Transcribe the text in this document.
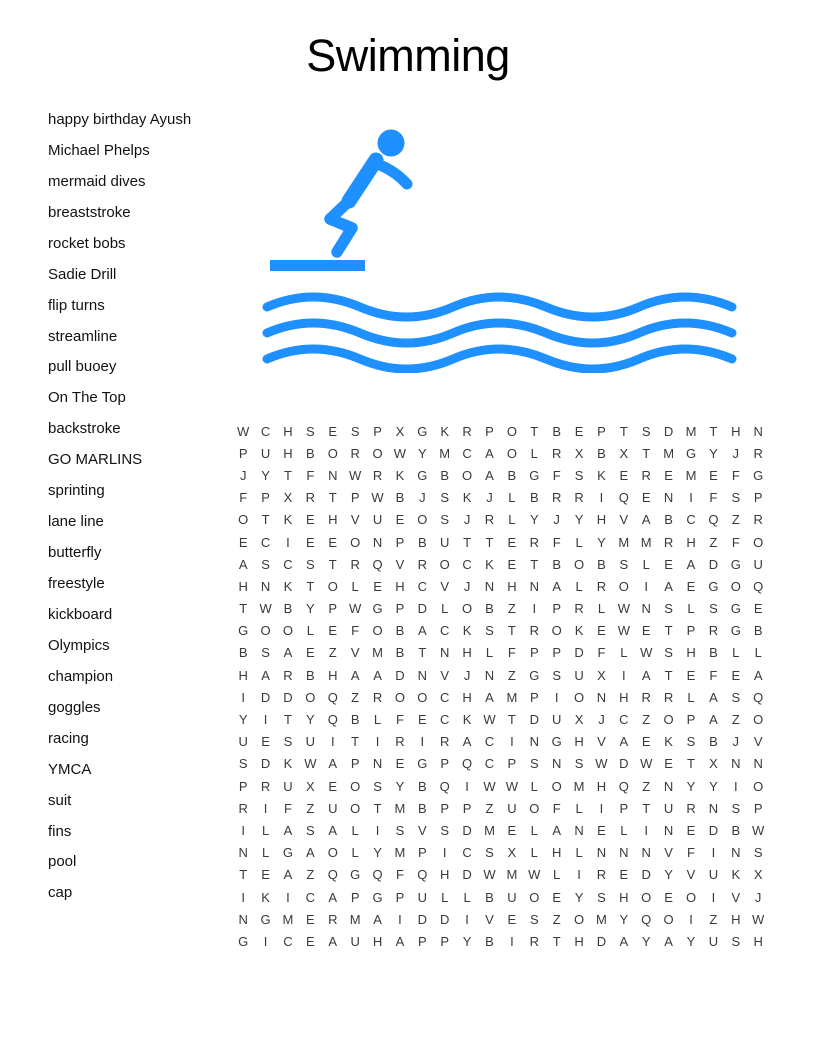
Swimming
happy birthday Ayush
Michael Phelps
mermaid dives
breaststroke
rocket bobs
Sadie Drill
flip turns
streamline
pull buoey
On The Top
backstroke
GO MARLINS
sprinting
lane line
butterfly
freestyle
kickboard
Olympics
champion
goggles
racing
YMCA
suit
fins
pool
cap
W C	H	S	E	S	P	X G	K	R	P O	T	B	E	P	T	S	D M	T	H	N
P	U	H	B O R O W Y M C	A O	L	R	X	B	X	T M G	Y	J	R
J	Y	T	F	N W R	K G	B O	A	B G	F	S	K	E	R	E M E	F	G
F	P	X	R	T	P W B	J	S	K	J	L	B	R	R	I	Q	E	N	I	F	S	P
O	T	K	E	H	V	U	E O	S	J	R	L	Y	J	Y	H	V	A	B	C Q	Z	R
E	C	I	E	E O N	P	B	U	T	T	E	R	F	L	Y M M R	H	Z	F	O
A	S	C	S	T	R Q	V	R O C	K	E	T	B O	B	S	L	E	A	D G U
H	N	K	T	O	L	E	H	C	V	J	N	H	N	A	L	R O	I	A	E G O Q
T W B	Y	P W G	P	D	L	O	B	Z	I	P	R	L W N	S	L	S G	E
G O O	L	E	F	O	B	A	C	K	S	T	R O	K	E W E	T	P	R G	B
B	S	A	E	Z	V M B	T	N	H	L	F	P	P	D	F	L W S	H	B	L	L
H	A	R	B	H	A	A	D	N	V	J	N	Z	G	S	U	X	I	A	T	E	F	E	A
I	D	D O Q	Z	R O O C	H	A M P	I	O N	H	R	R	L	A	S Q
Y	I	T	Y Q	B	L	F	E	C	K W T	D	U	X	J	C	Z	O	P	A	Z	O
U	E	S	U	I	T	I	R	I	R	A	C	I	N G H	V	A	E	K	S	B	J	V
S	D	K W A	P	N	E G	P Q C	P	S	N	S W D W E	T	X	N	N
P	R	U	X	E O	S	Y	B Q	I	W W L	O M H Q	Z	N	Y	Y	I	O
R	I	F	Z	U O	T M B	P	P	Z	U O	F	L	I	P	T	U	R	N	S	P
I	L	A	S	A	L	I	S	V	S	D M E	L	A	N	E	L	I	N	E	D	B W
N	L	G	A O	L	Y M P	I	C	S	X	L	H	L	N	N	N	V	F	I	N	S
T	E	A	Z	Q G Q	F	Q H	D W M W L	I	R	E	D	Y	V	U	K	X
I	K	I	C	A	P G	P	U	L	L	B	U O	E	Y	S	H O	E O	I	V	J
N G M E	R M A	I	D	D	I	V	E	S	Z	O M Y Q O	I	Z	H W
G	I	C	E	A	U	H	A	P	P	Y	B	I	R	T	H	D	A	Y	A	Y	U	S	H
